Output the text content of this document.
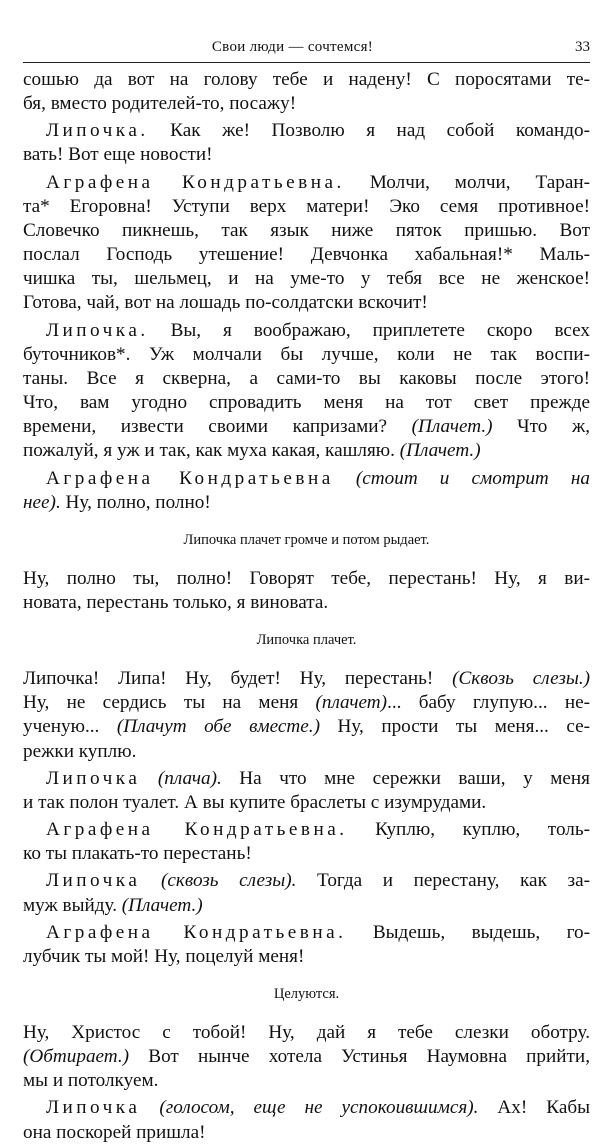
Свои люди — сочтемся!	33
сошью да вот на голову тебе и надену! С поросятами те-
бя, вместо родителей-то, посажу!
Липочка. Как же! Позволю я над собой командо-
вать! Вот еще новости!
Аграфена Кондратьевна. Молчи, молчи, Таран-
та* Егоровна! Уступи верх матери! Эко семя противное!
Словечко пикнешь, так язык ниже пяток пришью. Вот
послал Господь утешение! Девчонка хабальная!* Маль-
чишка ты, шельмец, и на уме-то у тебя все не женское!
Готова, чай, вот на лошадь по-солдатски вскочит!
Липочка. Вы, я воображаю, приплетете скоро всех
буточников*. Уж молчали бы лучше, коли не так воспи-
таны. Все я скверна, а сами-то вы каковы после этого!
Что, вам угодно спровадить меня на тот свет прежде
времени, извести своими капризами? (Плачет.) Что ж,
пожалуй, я уж и так, как муха какая, кашляю. (Плачет.)
Аграфена Кондратьевна (стоит и смотрит на
нее). Ну, полно, полно!
Липочка плачет громче и потом рыдает.
Ну, полно ты, полно! Говорят тебе, перестань! Ну, я ви-
новата, перестань только, я виновата.
Липочка плачет.
Липочка! Липа! Ну, будет! Ну, перестань! (Сквозь слезы.)
Ну, не сердись ты на меня (плачет)... бабу глупую... не-
ученую... (Плачут обе вместе.) Ну, прости ты меня... се-
режки куплю.
Липочка (плача). На что мне сережки ваши, у меня
и так полон туалет. А вы купите браслеты с изумрудами.
Аграфена Кондратьевна. Куплю, куплю, толь-
ко ты плакать-то перестань!
Липочка (сквозь слезы). Тогда и перестану, как за-
муж выйду. (Плачет.)
Аграфена Кондратьевна. Выдешь, выдешь, го-
лубчик ты мой! Ну, поцелуй меня!
Целуются.
Ну, Христос с тобой! Ну, дай я тебе слезки оботру.
(Обтирает.) Вот нынче хотела Устинья Наумовна прийти,
мы и потолкуем.
Липочка (голосом, еще не успокоившимся). Ах! Кабы
она поскорей пришла!
